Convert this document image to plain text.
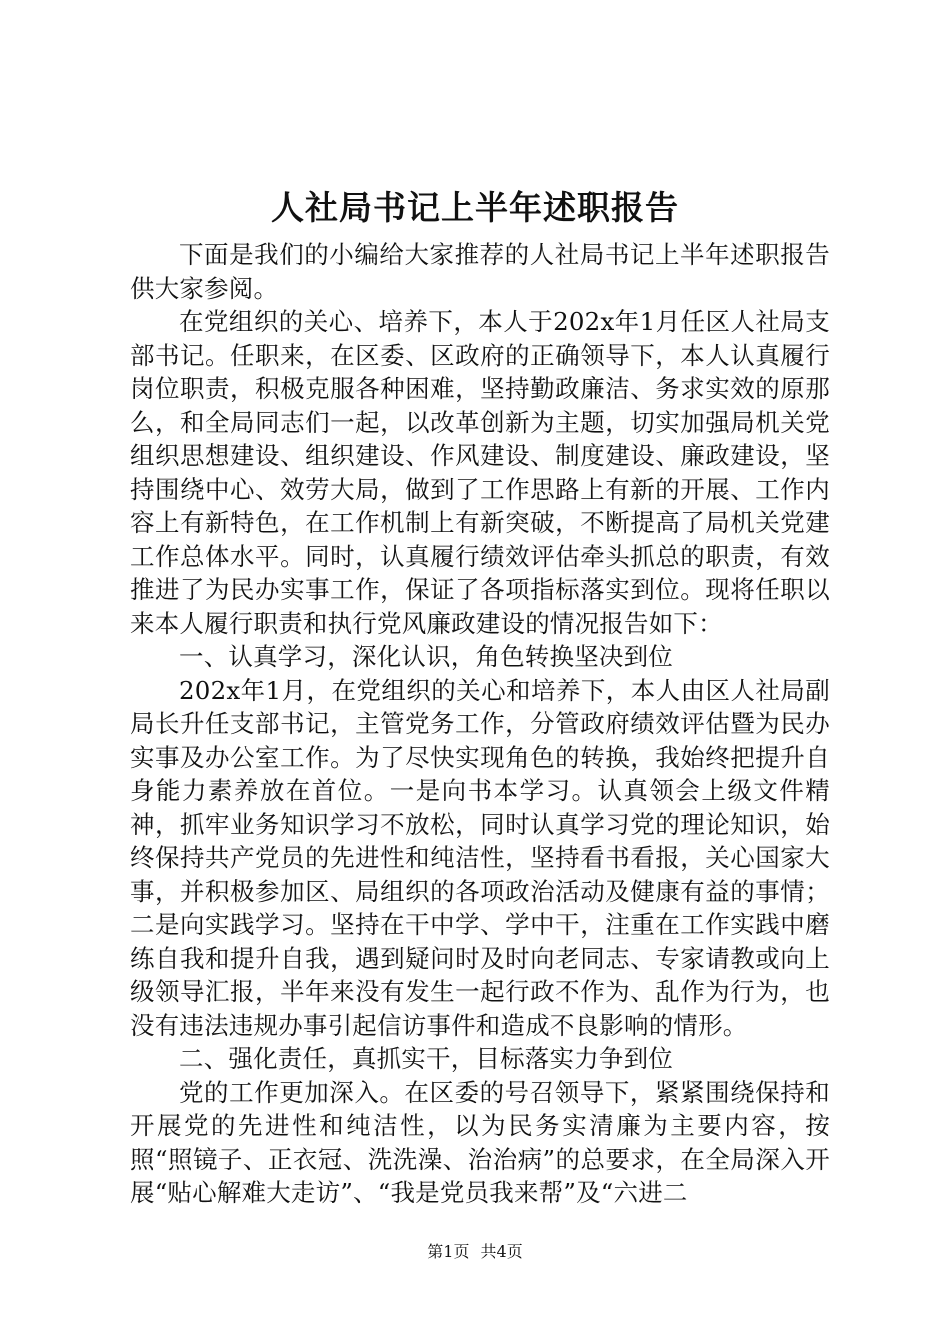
人社局书记上半年述职报告

下面是我们的小编给大家推荐的人社局书记上半年述职报告供大家参阅。

在党组织的关心、培养下，本人于202x年1月任区人社局支部书记。任职来，在区委、区政府的正确领导下，本人认真履行岗位职责，积极克服各种困难，坚持勤政廉洁、务求实效的原那么，和全局同志们一起，以改革创新为主题，切实加强局机关党组织思想建设、组织建设、作风建设、制度建设、廉政建设，坚持围绕中心、效劳大局，做到了工作思路上有新的开展、工作内容上有新特色，在工作机制上有新突破，不断提高了局机关党建工作总体水平。同时，认真履行绩效评估牵头抓总的职责，有效推进了为民办实事工作，保证了各项指标落实到位。现将任职以来本人履行职责和执行党风廉政建设的情况报告如下：

一、认真学习，深化认识，角色转换坚决到位

202x年1月，在党组织的关心和培养下，本人由区人社局副局长升任支部书记，主管党务工作，分管政府绩效评估暨为民办实事及办公室工作。为了尽快实现角色的转换，我始终把提升自身能力素养放在首位。一是向书本学习。认真领会上级文件精神，抓牢业务知识学习不放松，同时认真学习党的理论知识，始终保持共产党员的先进性和纯洁性，坚持看书看报，关心国家大事，并积极参加区、局组织的各项政治活动及健康有益的事情；二是向实践学习。坚持在干中学、学中干，注重在工作实践中磨练自我和提升自我，遇到疑问时及时向老同志、专家请教或向上级领导汇报，半年来没有发生一起行政不作为、乱作为行为，也没有违法违规办事引起信访事件和造成不良影响的情形。

二、强化责任，真抓实干，目标落实力争到位

党的工作更加深入。在区委的号召领导下，紧紧围绕保持和开展党的先进性和纯洁性，以为民务实清廉为主要内容，按照“照镜子、正衣冠、洗洗澡、治治病”的总要求，在全局深入开展“贴心解难大走访”、“我是党员我来帮”及“六进二

第1页 共4页
